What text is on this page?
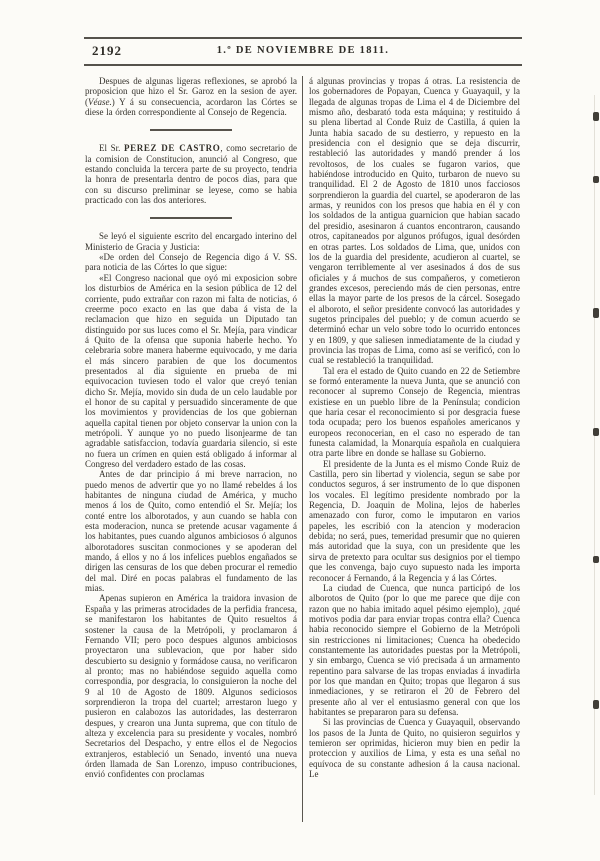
2192	1.º DE NOVIEMBRE DE 1811.

Despues de algunas ligeras reflexiones, se aprobó la proposicion que hizo el Sr. Garoz en la sesion de ayer. (Véase.) Y á su consecuencia, acordaron las Córtes se diese la órden correspondiente al Consejo de Regencia.

El Sr. PEREZ DE CASTRO, como secretario de la comision de Constitucion, anunció al Congreso, que estando concluida la tercera parte de su proyecto, tendria la honra de presentarla dentro de pocos dias, para que con su discurso preliminar se leyese, como se habia practicado con las dos anteriores.

Se leyó el siguiente escrito del encargado interino del Ministerio de Gracia y Justicia:

«De orden del Consejo de Regencia digo á V. SS. para noticia de las Córtes lo que sigue:

«El Congreso nacional que oyó mi exposicion sobre los disturbios de América en la sesion pública de 12 del corriente, pudo extrañar con razon mi falta de noticias, ó creerme poco exacto en las que daba á vista de la reclamacion que hizo en seguida un Diputado tan distinguido por sus luces como el Sr. Mejía, para vindicar á Quito de la ofensa que suponia haberle hecho. Yo celebraria sobre manera haberme equivocado, y me daria el más sincero parabien de que los documentos presentados al dia siguiente en prueba de mi equivocacion tuviesen todo el valor que creyó tenian dicho Sr. Mejía, movido sin duda de un celo laudable por el honor de su capital y persuadido sinceramente de que los movimientos y providencias de los que gobiernan aquella capital tienen por objeto conservar la union con la metrópoli. Y aunque yo no puedo lisonjearme de tan agradable satisfaccion, todavía guardaria silencio, si este no fuera un crímen en quien está obligado á informar al Congreso del verdadero estado de las cosas.

Antes de dar principio á mi breve narracion, no puedo menos de advertir que yo no llamé rebeldes á los habitantes de ninguna ciudad de América, y mucho menos á los de Quito, como entendió el Sr. Mejía; los conté entre los alborotados, y aun cuando se habla con esta moderacion, nunca se pretende acusar vagamente á los habitantes, pues cuando algunos ambiciosos ó algunos alborotadores suscitan conmociones y se apoderan del mando, á ellos y no á los infelices pueblos engañados se dirigen las censuras de los que deben procurar el remedio del mal. Diré en pocas palabras el fundamento de las mias.

Apenas supieron en América la traidora invasion de España y las primeras atrocidades de la perfidia francesa, se manifestaron los habitantes de Quito resueltos á sostener la causa de la Metrópoli, y proclamaron á Fernando VII; pero poco despues algunos ambiciosos proyectaron una sublevacion, que por haber sido descubierto su designio y formádose causa, no verificaron al pronto; mas no habiéndose seguido aquella como correspondia, por desgracia, lo consiguieron la noche del 9 al 10 de Agosto de 1809. Algunos sediciosos sorprendieron la tropa del cuartel; arrestaron luego y pusieron en calabozos las autoridades, las desterraron despues, y crearon una Junta suprema, que con título de alteza y excelencia para su presidente y vocales, nombró Secretarios del Despacho, y entre ellos el de Negocios extranjeros, estableció un Senado, inventó una nueva órden llamada de San Lorenzo, impuso contribuciones, envió confidentes con proclamas

á algunas provincias y tropas á otras. La resistencia de los gobernadores de Popayan, Cuenca y Guayaquil, y la llegada de algunas tropas de Lima el 4 de Diciembre del mismo año, desbarató toda esta máquina; y restituido á su plena libertad al Conde Ruiz de Castilla, á quien la Junta habia sacado de su destierro, y repuesto en la presidencia con el designio que se deja discurrir, restableció las autoridades y mandó prender á los revoltosos, de los cuales se fugaron varios, que habiéndose introducido en Quito, turbaron de nuevo su tranquilidad. El 2 de Agosto de 1810 unos facciosos sorprendieron la guardia del cuartel, se apoderaron de las armas, y reunidos con los presos que habia en él y con los soldados de la antigua guarnicion que habian sacado del presidio, asesinaron á cuantos encontraron, causando otros, capitaneados por algunos prófugos, igual desórden en otras partes. Los soldados de Lima, que, unidos con los de la guardia del presidente, acudieron al cuartel, se vengaron terriblemente al ver asesinados á dos de sus oficiales y á muchos de sus compañeros, y cometieron grandes excesos, pereciendo más de cien personas, entre ellas la mayor parte de los presos de la cárcel. Sosegado el alboroto, el señor presidente convocó las autoridades y sugetos principales del pueblo; y de comun acuerdo se determinó echar un velo sobre todo lo ocurrido entonces y en 1809, y que saliesen inmediatamente de la ciudad y provincia las tropas de Lima, como así se verificó, con lo cual se restableció la tranquilidad.

Tal era el estado de Quito cuando en 22 de Setiembre se formó enteramente la nueva Junta, que se anunció con reconocer al supremo Consejo de Regencia, mientras existiese en un pueblo libre de la Península; condicion que haria cesar el reconocimiento si por desgracia fuese toda ocupada; pero los buenos españoles americanos y europeos reconocerian, en el caso no esperado de tan funesta calamidad, la Monarquía española en cualquiera otra parte libre en donde se hallase su Gobierno.

El presidente de la Junta es el mismo Conde Ruiz de Castilla, pero sin libertad y violencia, segun se sabe por conductos seguros, á ser instrumento de lo que disponen los vocales. El legítimo presidente nombrado por la Regencia, D. Joaquin de Molina, lejos de haberles amenazado con furor, como le imputaron en varios papeles, les escribió con la atencion y moderacion debida; no será, pues, temeridad presumir que no quieren más autoridad que la suya, con un presidente que les sirva de pretexto para ocultar sus designios por el tiempo que les convenga, bajo cuyo supuesto nada les importa reconocer á Fernando, á la Regencia y á las Córtes.

La ciudad de Cuenca, que nunca participó de los alborotos de Quito (por lo que me parece que dije con razon que no habia imitado aquel pésimo ejemplo), ¿qué motivos podia dar para enviar tropas contra ella? Cuenca habia reconocido siempre el Gobierno de la Metrópoli sin restricciones ni limitaciones; Cuenca ha obedecido constantemente las autoridades puestas por la Metrópoli, y sin embargo, Cuenca se vió precisada á un armamento repentino para salvarse de las tropas enviadas á invadirla por los que mandan en Quito; tropas que llegaron á sus inmediaciones, y se retiraron el 20 de Febrero del presente año al ver el entusiasmo general con que los habitantes se prepararon para su defensa.

Si las provincias de Cuenca y Guayaquil, observando los pasos de la Junta de Quito, no quisieron seguirlos y temieron ser oprimidas, hicieron muy bien en pedir la proteccion y auxilios de Lima, y esta es una señal no equívoca de su constante adhesion á la causa nacional. Le
